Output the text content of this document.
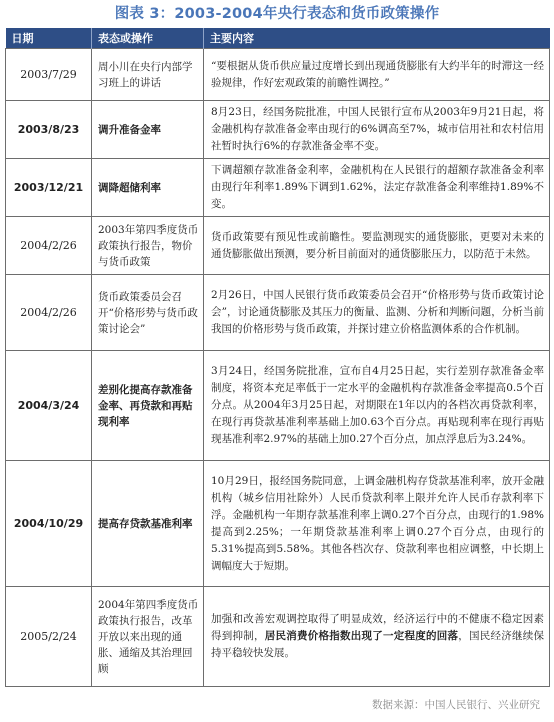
图表 3：2003-2004年央行表态和货币政策操作
日期	表态或操作	主要内容
2003/7/29	周小川在央行内部学习班上的讲话	“要根据从货币供应量过度增长到出现通货膨胀有大约半年的时滞这一经验规律，作好宏观政策的前瞻性调控。”
2003/8/23	调升准备金率	8月23日，经国务院批准，中国人民银行宣布从2003年9月21日起，将金融机构存款准备金率由现行的6%调高至7%，城市信用社和农村信用社暂时执行6%的存款准备金率不变。
2003/12/21	调降超储利率	下调超额存款准备金利率，金融机构在人民银行的超额存款准备金利率由现行年利率1.89%下调到1.62%，法定存款准备金利率维持1.89%不变。
2004/2/26	2003年第四季度货币政策执行报告，物价与货币政策	货币政策要有预见性或前瞻性。要监测现实的通货膨胀，更要对未来的通货膨胀做出预测，要分析目前面对的通货膨胀压力，以防范于未然。
2004/2/26	货币政策委员会召开“价格形势与货币政策讨论会”	2月26日，中国人民银行货币政策委员会召开“价格形势与货币政策讨论会”，讨论通货膨胀及其压力的衡量、监测、分析和判断问题，分析当前我国的价格形势与货币政策，并探讨建立价格监测体系的合作机制。
2004/3/24	差别化提高存款准备金率、再贷款和再贴现利率	3月24日，经国务院批准，宣布自4月25日起，实行差别存款准备金率制度，将资本充足率低于一定水平的金融机构存款准备金率提高0.5个百分点。从2004年3月25日起，对期限在1年以内的各档次再贷款利率，在现行再贷款基准利率基础上加0.63个百分点。再贴现利率在现行再贴现基准利率2.97%的基础上加0.27个百分点，加点浮息后为3.24%。
2004/10/29	提高存贷款基准利率	10月29日，报经国务院同意，上调金融机构存贷款基准利率，放开金融机构（城乡信用社除外）人民币贷款利率上限并允许人民币存款利率下浮。金融机构一年期存款基准利率上调0.27个百分点，由现行的1.98%提高到2.25%；一年期贷款基准利率上调0.27个百分点，由现行的5.31%提高到5.58%。其他各档次存、贷款利率也相应调整，中长期上调幅度大于短期。
2005/2/24	2004年第四季度货币政策执行报告，改革开放以来出现的通胀、通缩及其治理回顾	加强和改善宏观调控取得了明显成效，经济运行中的不健康不稳定因素得到抑制，居民消费价格指数出现了一定程度的回落，国民经济继续保持平稳较快发展。
数据来源：中国人民银行、兴业研究
